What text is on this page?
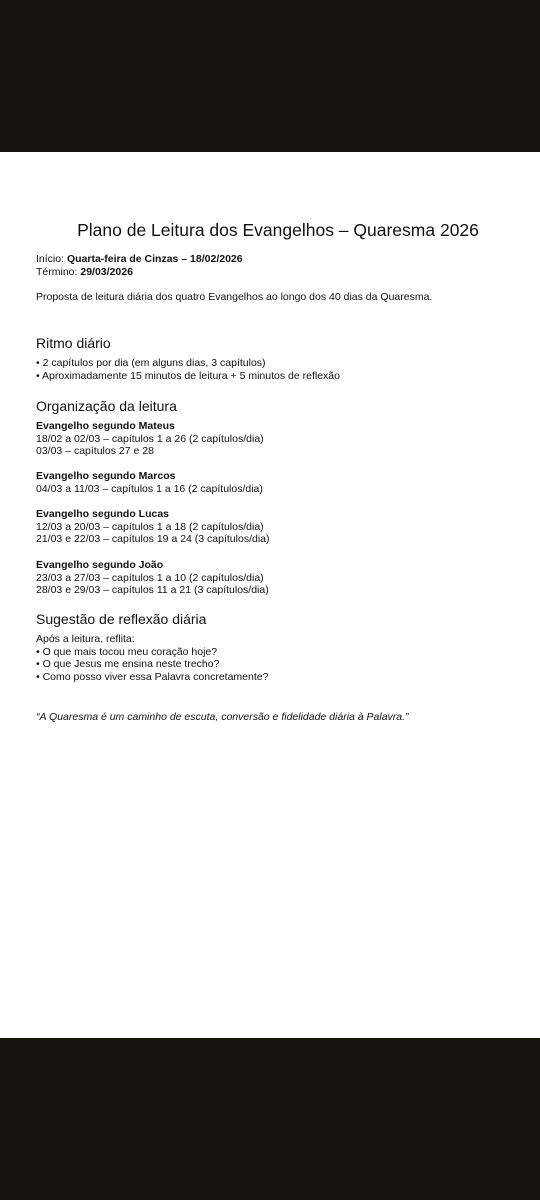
Plano de Leitura dos Evangelhos – Quaresma 2026
Início: Quarta-feira de Cinzas – 18/02/2026
Término: 29/03/2026
Proposta de leitura diária dos quatro Evangelhos ao longo dos 40 dias da Quaresma.
Ritmo diário
• 2 capítulos por dia (em alguns dias, 3 capítulos)
• Aproximadamente 15 minutos de leitura + 5 minutos de reflexão
Organização da leitura
Evangelho segundo Mateus
18/02 a 02/03 – capítulos 1 a 26 (2 capítulos/dia)
03/03 – capítulos 27 e 28
Evangelho segundo Marcos
04/03 a 11/03 – capítulos 1 a 16 (2 capítulos/dia)
Evangelho segundo Lucas
12/03 a 20/03 – capítulos 1 a 18 (2 capítulos/dia)
21/03 e 22/03 – capítulos 19 a 24 (3 capítulos/dia)
Evangelho segundo João
23/03 a 27/03 – capítulos 1 a 10 (2 capítulos/dia)
28/03 e 29/03 – capítulos 11 a 21 (3 capítulos/dia)
Sugestão de reflexão diária
Após a leitura, reflita:
• O que mais tocou meu coração hoje?
• O que Jesus me ensina neste trecho?
• Como posso viver essa Palavra concretamente?
“A Quaresma é um caminho de escuta, conversão e fidelidade diária à Palavra.”
